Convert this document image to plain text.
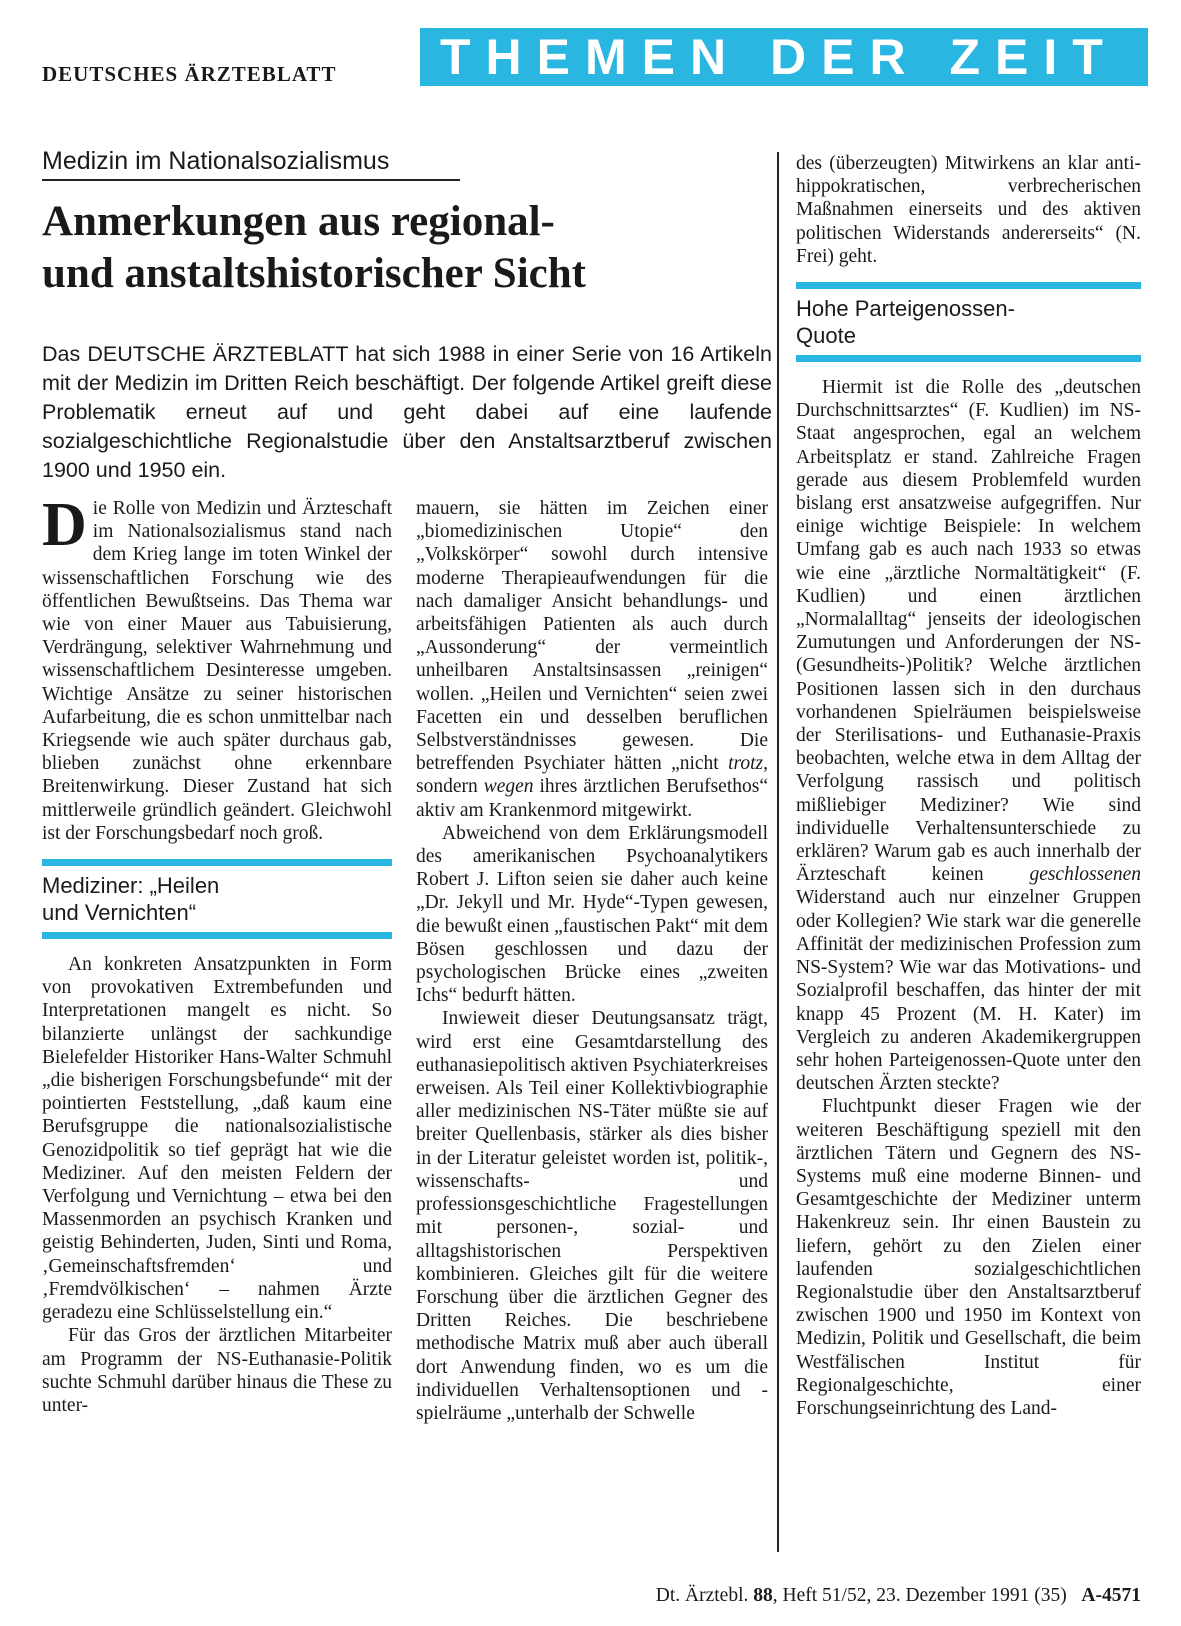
DEUTSCHES ÄRZTEBLATT	THEMEN DER ZEIT
Medizin im Nationalsozialismus
Anmerkungen aus regional-
und anstaltshistorischer Sicht
Das DEUTSCHE ÄRZTEBLATT hat sich 1988 in einer Serie von 16 Artikeln mit der Medizin im Dritten Reich beschäftigt. Der folgende Artikel greift diese Problematik erneut auf und geht dabei auf eine laufende sozialgeschichtliche Regionalstudie über den Anstaltsarztberuf zwischen 1900 und 1950 ein.

Die Rolle von Medizin und Ärzteschaft im Nationalsozialismus stand nach dem Krieg lange im toten Winkel der wissenschaftlichen Forschung wie des öffentlichen Bewußtseins. Das Thema war wie von einer Mauer aus Tabuisierung, Verdrängung, selektiver Wahrnehmung und wissenschaftlichem Desinteresse umgeben. Wichtige Ansätze zu seiner historischen Aufarbeitung, die es schon unmittelbar nach Kriegsende wie auch später durchaus gab, blieben zunächst ohne erkennbare Breitenwirkung. Dieser Zustand hat sich mittlerweile gründlich geändert. Gleichwohl ist der Forschungsbedarf noch groß.

Mediziner: „Heilen
und Vernichten“

An konkreten Ansatzpunkten in Form von provokativen Extrembefunden und Interpretationen mangelt es nicht. So bilanzierte unlängst der sachkundige Bielefelder Historiker Hans-Walter Schmuhl „die bisherigen Forschungsbefunde“ mit der pointierten Feststellung, „daß kaum eine Berufsgruppe die nationalsozialistische Genozidpolitik so tief geprägt hat wie die Mediziner. Auf den meisten Feldern der Verfolgung und Vernichtung – etwa bei den Massenmorden an psychisch Kranken und geistig Behinderten, Juden, Sinti und Roma, ‚Gemeinschaftsfremden‘ und ‚Fremdvölkischen‘ – nahmen Ärzte geradezu eine Schlüsselstellung ein.“

Für das Gros der ärztlichen Mitarbeiter am Programm der NS-Euthanasie-Politik suchte Schmuhl darüber hinaus die These zu unter-

mauern, sie hätten im Zeichen einer „biomedizinischen Utopie“ den „Volkskörper“ sowohl durch intensive moderne Therapieaufwendungen für die nach damaliger Ansicht behandlungs- und arbeitsfähigen Patienten als auch durch „Aussonderung“ der vermeintlich unheilbaren Anstaltsinsassen „reinigen“ wollen. „Heilen und Vernichten“ seien zwei Facetten ein und desselben beruflichen Selbstverständnisses gewesen. Die betreffenden Psychiater hätten „nicht trotz, sondern wegen ihres ärztlichen Berufsethos“ aktiv am Krankenmord mitgewirkt.

Abweichend von dem Erklärungsmodell des amerikanischen Psychoanalytikers Robert J. Lifton seien sie daher auch keine „Dr. Jekyll und Mr. Hyde“-Typen gewesen, die bewußt einen „faustischen Pakt“ mit dem Bösen geschlossen und dazu der psychologischen Brücke eines „zweiten Ichs“ bedurft hätten.

Inwieweit dieser Deutungsansatz trägt, wird erst eine Gesamtdarstellung des euthanasiepolitisch aktiven Psychiaterkreises erweisen. Als Teil einer Kollektivbiographie aller medizinischen NS-Täter müßte sie auf breiter Quellenbasis, stärker als dies bisher in der Literatur geleistet worden ist, politik-, wissenschafts- und professionsgeschichtliche Fragestellungen mit personen-, sozial- und alltagshistorischen Perspektiven kombinieren. Gleiches gilt für die weitere Forschung über die ärztlichen Gegner des Dritten Reiches. Die beschriebene methodische Matrix muß aber auch überall dort Anwendung finden, wo es um die individuellen Verhaltensoptionen und -spielräume „unterhalb der Schwelle

des (überzeugten) Mitwirkens an klar anti-hippokratischen, verbrecherischen Maßnahmen einerseits und des aktiven politischen Widerstands andererseits“ (N. Frei) geht.

Hohe Parteigenossen-
Quote

Hiermit ist die Rolle des „deutschen Durchschnittsarztes“ (F. Kudlien) im NS-Staat angesprochen, egal an welchem Arbeitsplatz er stand. Zahlreiche Fragen gerade aus diesem Problemfeld wurden bislang erst ansatzweise aufgegriffen. Nur einige wichtige Beispiele: In welchem Umfang gab es auch nach 1933 so etwas wie eine „ärztliche Normaltätigkeit“ (F. Kudlien) und einen ärztlichen „Normalalltag“ jenseits der ideologischen Zumutungen und Anforderungen der NS-(Gesundheits-)Politik? Welche ärztlichen Positionen lassen sich in den durchaus vorhandenen Spielräumen beispielsweise der Sterilisations- und Euthanasie-Praxis beobachten, welche etwa in dem Alltag der Verfolgung rassisch und politisch mißliebiger Mediziner? Wie sind individuelle Verhaltensunterschiede zu erklären? Warum gab es auch innerhalb der Ärzteschaft keinen geschlossenen Widerstand auch nur einzelner Gruppen oder Kollegien? Wie stark war die generelle Affinität der medizinischen Profession zum NS-System? Wie war das Motivations- und Sozialprofil beschaffen, das hinter der mit knapp 45 Prozent (M. H. Kater) im Vergleich zu anderen Akademikergruppen sehr hohen Parteigenossen-Quote unter den deutschen Ärzten steckte?

Fluchtpunkt dieser Fragen wie der weiteren Beschäftigung speziell mit den ärztlichen Tätern und Gegnern des NS-Systems muß eine moderne Binnen- und Gesamtgeschichte der Mediziner unterm Hakenkreuz sein. Ihr einen Baustein zu liefern, gehört zu den Zielen einer laufenden sozialgeschichtlichen Regionalstudie über den Anstaltsarztberuf zwischen 1900 und 1950 im Kontext von Medizin, Politik und Gesellschaft, die beim Westfälischen Institut für Regionalgeschichte, einer Forschungseinrichtung des Land-

Dt. Ärztebl. 88, Heft 51/52, 23. Dezember 1991 (35) A-4571
